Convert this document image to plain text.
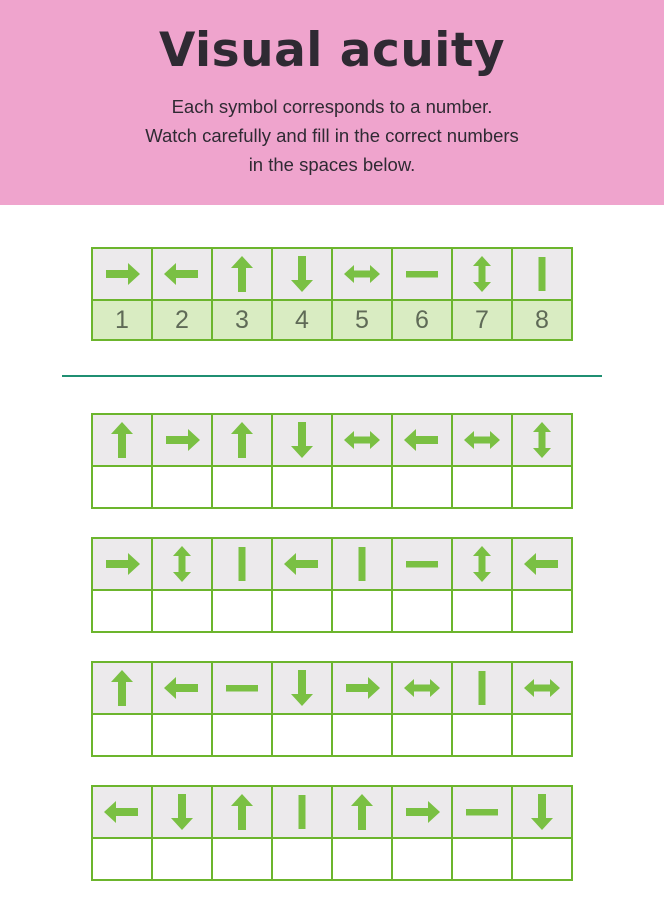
Visual acuity

Each symbol corresponds to a number.
Watch carefully and fill in the correct numbers
in the spaces below.

1 2 3 4 5 6 7 8
